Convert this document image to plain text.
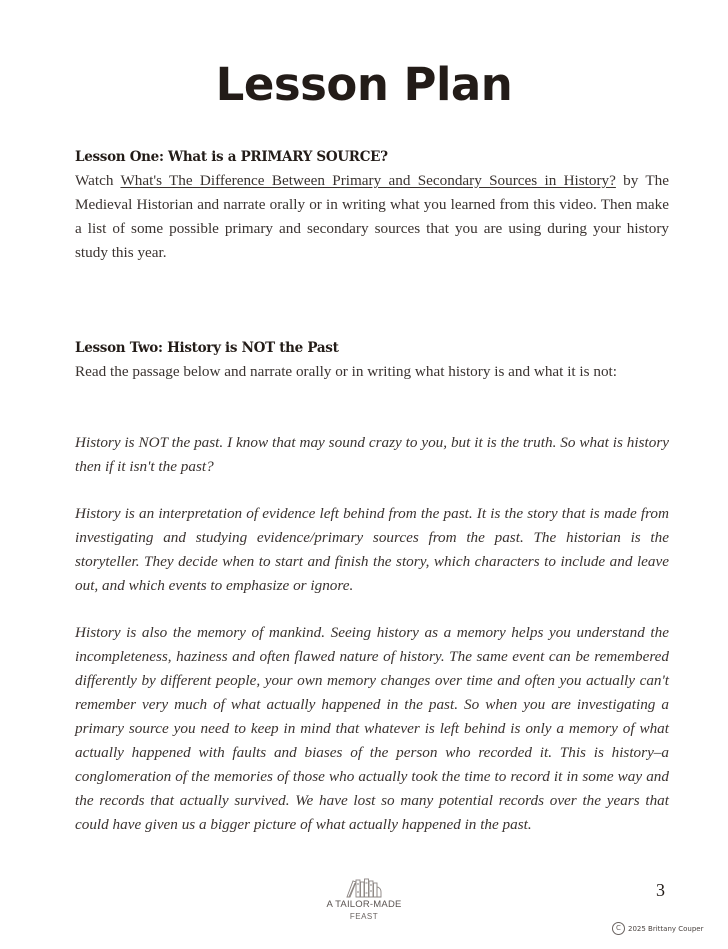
Lesson Plan
Lesson One: What is a PRIMARY SOURCE?

Watch What's The Difference Between Primary and Secondary Sources in History? by The Medieval Historian and narrate orally or in writing what you learned from this video. Then make a list of some possible primary and secondary sources that you are using during your history study this year.

Lesson Two: History is NOT the Past

Read the passage below and narrate orally or in writing what history is and what it is not:

History is NOT the past. I know that may sound crazy to you, but it is the truth. So what is history then if it isn't the past?

History is an interpretation of evidence left behind from the past. It is the story that is made from investigating and studying evidence/primary sources from the past. The historian is the storyteller. They decide when to start and finish the story, which characters to include and leave out, and which events to emphasize or ignore.

History is also the memory of mankind. Seeing history as a memory helps you understand the incompleteness, haziness and often flawed nature of history. The same event can be remembered differently by different people, your own memory changes over time and often you actually can't remember very much of what actually happened in the past. So when you are investigating a primary source you need to keep in mind that whatever is left behind is only a memory of what actually happened with faults and biases of the person who recorded it. This is history–a conglomeration of the memories of those who actually took the time to record it in some way and the records that actually survived. We have lost so many potential records over the years that could have given us a bigger picture of what actually happened in the past.

A TAILOR-MADE
FEAST
3
C	2025 Brittany Couper
